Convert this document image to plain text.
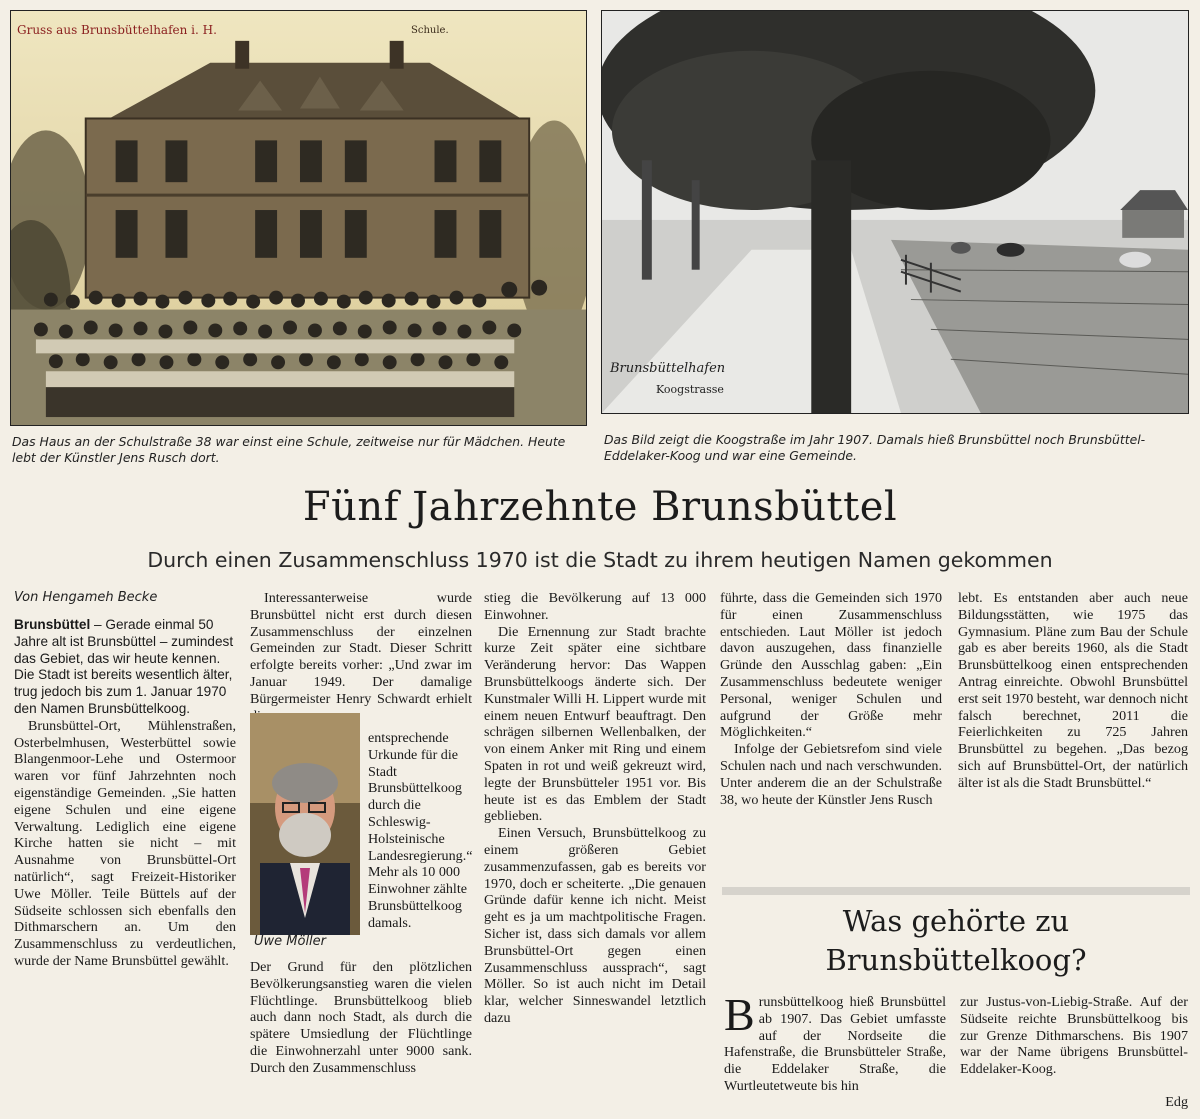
Gruss aus Brunsbüttelhafen i. H.	Schule.
Brunsbüttelhafen
Koogstrasse
Das Haus an der Schulstraße 38 war einst eine Schule, zeitweise nur für Mädchen. Heute lebt der Künstler Jens Rusch dort.
Das Bild zeigt die Koogstraße im Jahr 1907. Damals hieß Brunsbüttel noch Brunsbüttel-Eddelaker-Koog und war eine Gemeinde.
Fünf Jahrzehnte Brunsbüttel
Durch einen Zusammenschluss 1970 ist die Stadt zu ihrem heutigen Namen gekommen
Von Hengameh Becke
Brunsbüttel – Gerade einmal 50 Jahre alt ist Brunsbüttel – zumindest das Gebiet, das wir heute kennen. Die Stadt ist bereits wesentlich älter, trug jedoch bis zum 1. Januar 1970 den Namen Brunsbüttelkoog.

Brunsbüttel-Ort, Mühlenstraßen, Osterbelmhusen, Westerbüttel sowie Blangenmoor-Lehe und Ostermoor waren vor fünf Jahrzehnten noch eigenständige Gemeinden. „Sie hatten eigene Schulen und eine eigene Verwaltung. Lediglich eine eigene Kirche hatten sie nicht – mit Ausnahme von Brunsbüttel-Ort natürlich“, sagt Freizeit-Historiker Uwe Möller. Teile Büttels auf der Südseite schlossen sich ebenfalls den Dithmarschern an. Um den Zusammenschluss zu verdeutlichen, wurde der Name Brunsbüttel gewählt.

Interessanterweise wurde Brunsbüttel nicht erst durch diesen Zusammenschluss der einzelnen Gemeinden zur Stadt. Dieser Schritt erfolgte bereits vorher: „Und zwar im Januar 1949. Der damalige Bürgermeister Henry Schwardt erhielt

entsprechende Urkunde für die Stadt Brunsbüttelkoog durch die Schleswig-Holsteinische Landesregierung.“ Mehr als 10 000 Einwohner zählte Brunsbüttelkoog damals.

Uwe Möller

Der Grund für den plötzlichen Bevölkerungsanstieg waren die vielen Flüchtlinge. Brunsbüttelkoog blieb auch dann noch Stadt, als durch die spätere Umsiedlung der Flüchtlinge die Einwohnerzahl unter 9000 sank. Durch den Zusammenschluss

stieg die Bevölkerung auf 13 000 Einwohner.

Die Ernennung zur Stadt brachte kurze Zeit später eine sichtbare Veränderung hervor: Das Wappen Brunsbüttelkoogs änderte sich. Der Kunstmaler Willi H. Lippert wurde mit einem neuen Entwurf beauftragt. Den schrägen silbernen Wellenbalken, der von einem Anker mit Ring und einem Spaten in rot und weiß gekreuzt wird, legte der Brunsbütteler 1951 vor. Bis heute ist es das Emblem der Stadt geblieben.

Einen Versuch, Brunsbüttelkoog zu einem größeren Gebiet zusammenzufassen, gab es bereits vor 1970, doch er scheiterte. „Die genauen Gründe dafür kenne ich nicht. Meist geht es ja um machtpolitische Fragen. Sicher ist, dass sich damals vor allem Brunsbüttel-Ort gegen einen Zusammenschluss aussprach“, sagt Möller. So ist auch nicht im Detail klar, welcher Sinneswandel letztlich dazu

führte, dass die Gemeinden sich 1970 für einen Zusammenschluss entschieden. Laut Möller ist jedoch davon auszugehen, dass finanzielle Gründe den Ausschlag gaben: „Ein Zusammenschluss bedeutete weniger Personal, weniger Schulen und aufgrund der Größe mehr Möglichkeiten.“

Infolge der Gebietsrefom sind viele Schulen nach und nach verschwunden. Unter anderem die an der Schulstraße 38, wo heute der Künstler Jens Rusch

lebt. Es entstanden aber auch neue Bildungsstätten, wie 1975 das Gymnasium. Pläne zum Bau der Schule gab es aber bereits 1960, als die Stadt Brunsbüttelkoog einen entsprechenden Antrag einreichte. Obwohl Brunsbüttel erst seit 1970 besteht, war dennoch nicht falsch berechnet, 2011 die Feierlichkeiten zu 725 Jahren Brunsbüttel zu begehen. „Das bezog sich auf Brunsbüttel-Ort, der natürlich älter ist als die Stadt Brunsbüttel.“

Was gehörte zu
Brunsbüttelkoog?

Brunsbüttelkoog hieß Brunsbüttel ab 1907. Das Gebiet umfasste auf der Nordseite die Hafenstraße, die Brunsbütteler Straße, die Eddelaker Straße, die Wurtleutetweute bis hin

zur Justus-von-Liebig-Straße. Auf der Südseite reichte Brunsbüttelkoog bis zur Grenze Dithmarschens. Bis 1907 war der Name übrigens Brunsbüttel-Eddelaker-Koog.

Edg
